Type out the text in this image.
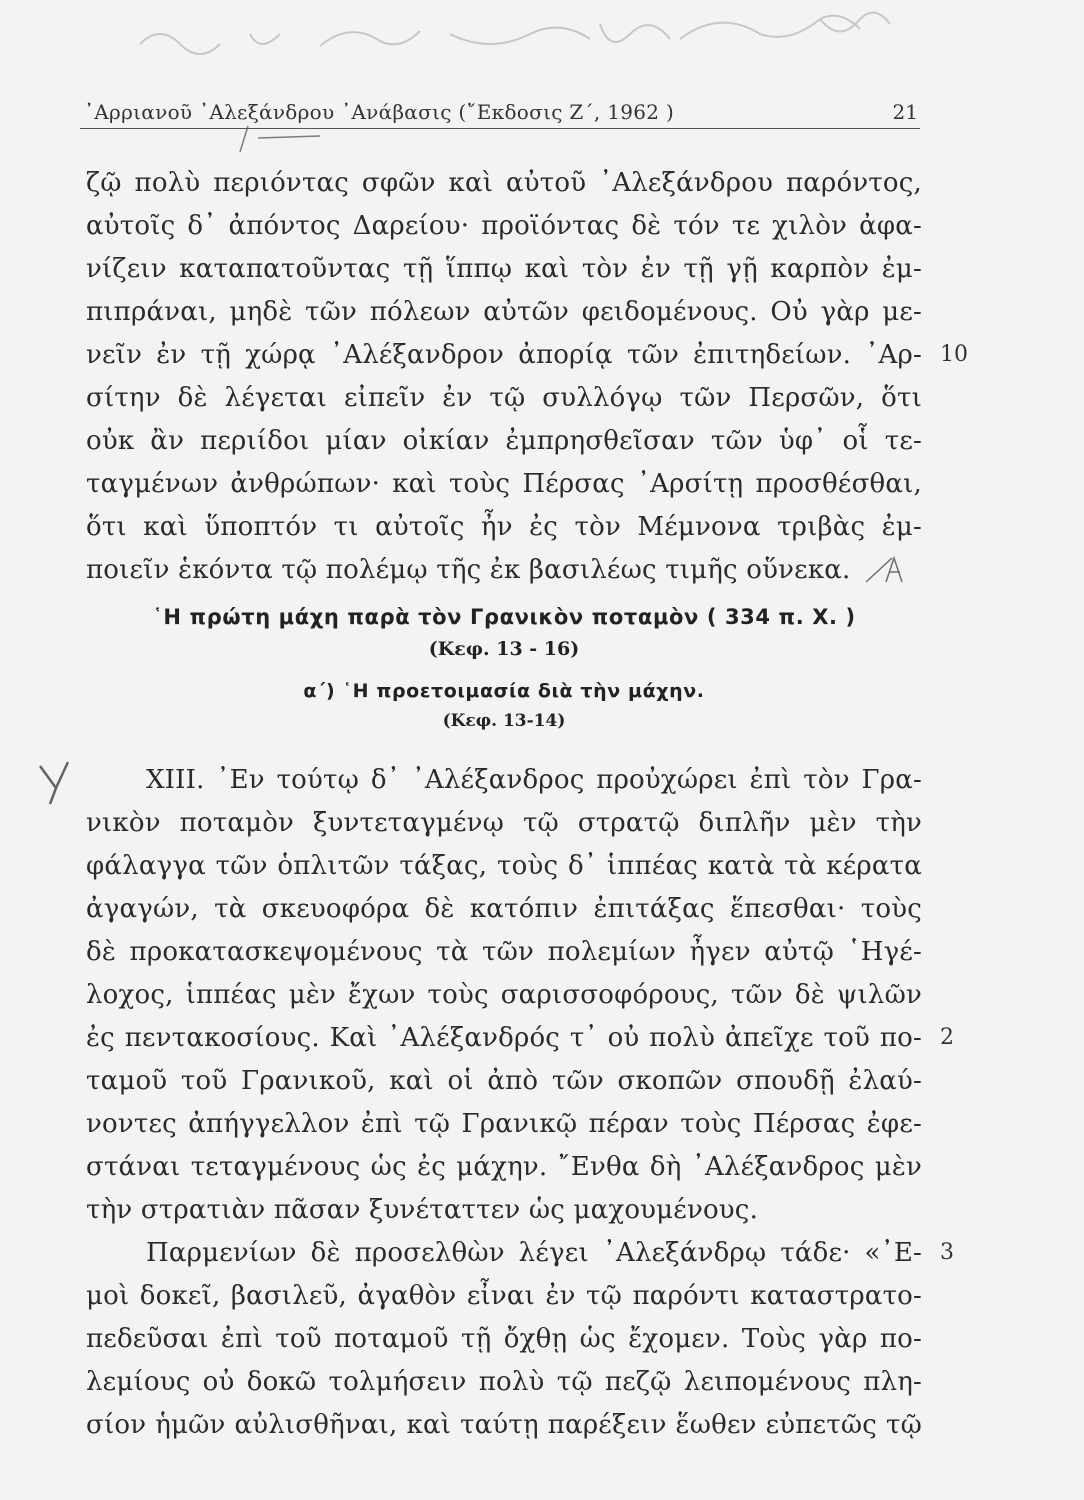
᾿Αρριανοῦ ᾿Αλεξάνδρου ᾿Ανάβασις (῎Εκδοσις Ζ΄, 1962 )	21
ζῷ πολὺ περιόντας σφῶν καὶ αὐτοῦ ᾿Αλεξάνδρου παρόντος,
αὐτοῖς δ᾿ ἀπόντος Δαρείου· προϊόντας δὲ τόν τε χιλὸν ἀφα-
νίζειν καταπατοῦντας τῇ ἵππῳ καὶ τὸν ἐν τῇ γῇ καρπὸν ἐμ-
πιπράναι, μηδὲ τῶν πόλεων αὐτῶν φειδομένους. Οὐ γὰρ με-
νεῖν ἐν τῇ χώρᾳ ᾿Αλέξανδρον ἀπορίᾳ τῶν ἐπιτηδείων. ᾿Αρ-
σίτην δὲ λέγεται εἰπεῖν ἐν τῷ συλλόγῳ τῶν Περσῶν, ὅτι
οὐκ ἂν περιίδοι μίαν οἰκίαν ἐμπρησθεῖσαν τῶν ὑφ᾿ οἷ τε-
ταγμένων ἀνθρώπων· καὶ τοὺς Πέρσας ᾿Αρσίτῃ προσθέσθαι,
ὅτι καὶ ὕποπτόν τι αὐτοῖς ἦν ἐς τὸν Μέμνονα τριβὰς ἐμ-
ποιεῖν ἑκόντα τῷ πολέμῳ τῆς ἐκ βασιλέως τιμῆς οὕνεκα.
10
῾Η πρώτη μάχη παρὰ τὸν Γρανικὸν ποταμὸν ( 334 π. Χ. )
(Κεφ. 13 - 16)
α΄) ῾Η προετοιμασία διὰ τὴν μάχην.
(Κεφ. 13-14)
XIII. ᾿Εν τούτῳ δ᾿ ᾿Αλέξανδρος προὐχώρει ἐπὶ τὸν Γρα-
νικὸν ποταμὸν ξυντεταγμένῳ τῷ στρατῷ διπλῆν μὲν τὴν
φάλαγγα τῶν ὁπλιτῶν τάξας, τοὺς δ᾿ ἱππέας κατὰ τὰ κέρατα
ἀγαγών, τὰ σκευοφόρα δὲ κατόπιν ἐπιτάξας ἕπεσθαι· τοὺς
δὲ προκατασκεψομένους τὰ τῶν πολεμίων ἦγεν αὐτῷ ῾Ηγέ-
λοχος, ἱππέας μὲν ἔχων τοὺς σαρισσοφόρους, τῶν δὲ ψιλῶν
ἐς πεντακοσίους. Καὶ ᾿Αλέξανδρός τ᾿ οὐ πολὺ ἀπεῖχε τοῦ πο-
ταμοῦ τοῦ Γρανικοῦ, καὶ οἱ ἀπὸ τῶν σκοπῶν σπουδῇ ἐλαύ-
νοντες ἀπήγγελλον ἐπὶ τῷ Γρανικῷ πέραν τοὺς Πέρσας ἐφε-
στάναι τεταγμένους ὡς ἐς μάχην. ῎Ενθα δὴ ᾿Αλέξανδρος μὲν
τὴν στρατιὰν πᾶσαν ξυνέταττεν ὡς μαχουμένους.
2
Παρμενίων δὲ προσελθὼν λέγει ᾿Αλεξάνδρῳ τάδε· «᾿Ε-
μοὶ δοκεῖ, βασιλεῦ, ἀγαθὸν εἶναι ἐν τῷ παρόντι καταστρατο-
πεδεῦσαι ἐπὶ τοῦ ποταμοῦ τῇ ὄχθῃ ὡς ἔχομεν. Τοὺς γὰρ πο-
λεμίους οὐ δοκῶ τολμήσειν πολὺ τῷ πεζῷ λειπομένους πλη-
σίον ἡμῶν αὐλισθῆναι, καὶ ταύτῃ παρέξειν ἕωθεν εὐπετῶς τῷ
3
